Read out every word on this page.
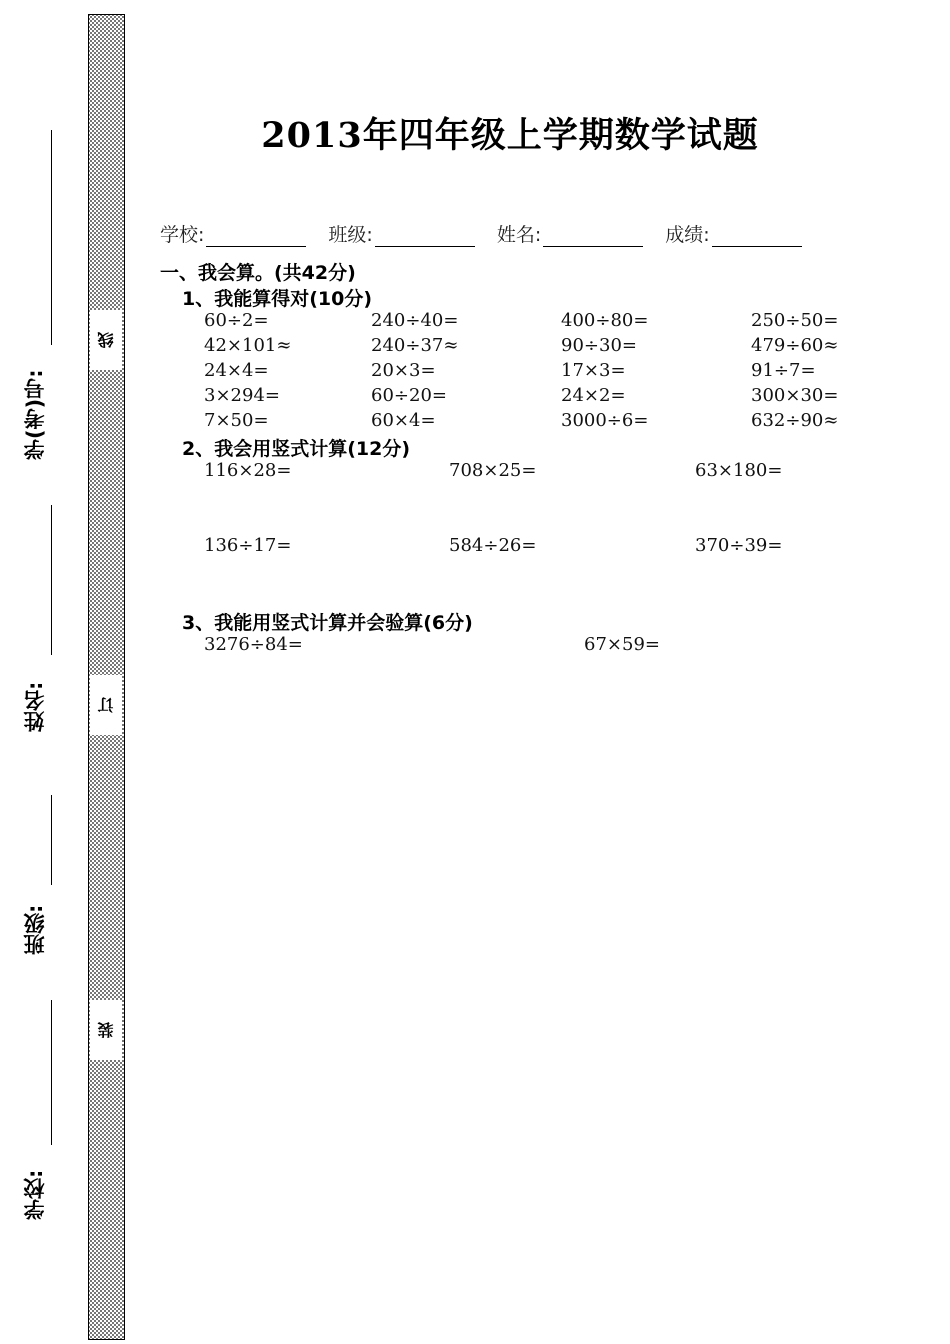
学(考)号:
姓名:
班级:
学校:
线
订
装
2013年四年级上学期数学试题
学校:	班级:	姓名:	成绩:
一、我会算。(共42分)
1、我能算得对(10分)
60÷2=	240÷40=	400÷80=	250÷50=
42×101≈	240÷37≈	90÷30=	479÷60≈
24×4=	20×3=	17×3=	91÷7=
3×294=	60÷20=	24×2=	300×30=
7×50=	60×4=	3000÷6=	632÷90≈
2、我会用竖式计算(12分)
116×28=	708×25=	63×180=
136÷17=	584÷26=	370÷39=
3、我能用竖式计算并会验算(6分)
3276÷84=	67×59=
